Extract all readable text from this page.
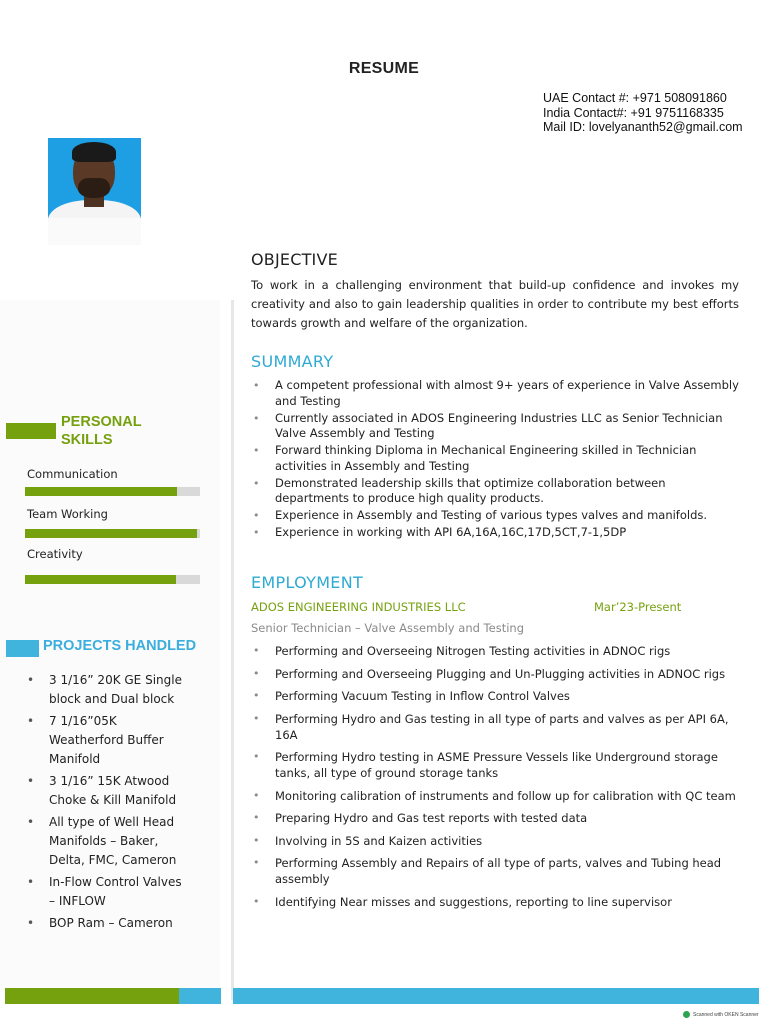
RESUME
UAE Contact #: +971 508091860
India Contact#: +91 9751168335
Mail ID: lovelyananth52@gmail.com
PERSONAL
SKILLS
Communication
Team Working
Creativity
PROJECTS HANDLED
• 3 1/16” 20K GE Single block and Dual block
• 7 1/16”05K Weatherford Buffer Manifold
• 3 1/16” 15K Atwood Choke & Kill Manifold
• All type of Well Head Manifolds – Baker, Delta, FMC, Cameron
• In-Flow Control Valves – INFLOW
• BOP Ram – Cameron
OBJECTIVE

To work in a challenging environment that build-up confidence and invokes my creativity and also to gain leadership qualities in order to contribute my best efforts towards growth and welfare of the organization.

SUMMARY
• A competent professional with almost 9+ years of experience in Valve Assembly and Testing
• Currently associated in ADOS Engineering Industries LLC as Senior Technician Valve Assembly and Testing
• Forward thinking Diploma in Mechanical Engineering skilled in Technician activities in Assembly and Testing
• Demonstrated leadership skills that optimize collaboration between departments to produce high quality products.
• Experience in Assembly and Testing of various types valves and manifolds.
• Experience in working with API 6A,16A,16C,17D,5CT,7-1,5DP
EMPLOYMENT
ADOS ENGINEERING INDUSTRIES LLC	Mar’23-Present
Senior Technician – Valve Assembly and Testing
• Performing and Overseeing Nitrogen Testing activities in ADNOC rigs
• Performing and Overseeing Plugging and Un-Plugging activities in ADNOC rigs
• Performing Vacuum Testing in Inflow Control Valves
• Performing Hydro and Gas testing in all type of parts and valves as per API 6A, 16A
• Performing Hydro testing in ASME Pressure Vessels like Underground storage tanks, all type of ground storage tanks
• Monitoring calibration of instruments and follow up for calibration with QC team
• Preparing Hydro and Gas test reports with tested data
• Involving in 5S and Kaizen activities
• Performing Assembly and Repairs of all type of parts, valves and Tubing head assembly
• Identifying Near misses and suggestions, reporting to line supervisor
Scanned with OKEN Scanner
